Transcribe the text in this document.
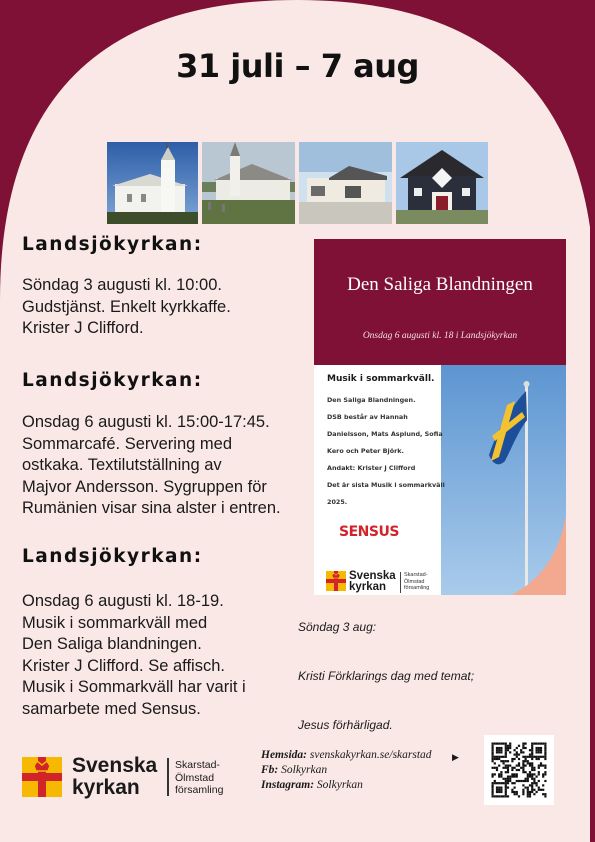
31 juli – 7 aug
Landsjökyrkan:
Söndag 3 augusti kl. 10:00.
Gudstjänst. Enkelt kyrkkaffe.
Krister J Clifford.
Landsjökyrkan:
Onsdag 6 augusti kl. 15:00-17:45.
Sommarcafé. Servering med
ostkaka. Textilutställning av
Majvor Andersson. Sygruppen för
Rumänien visar sina alster i entren.
Landsjökyrkan:
Onsdag 6 augusti kl. 18-19.
Musik i sommarkväll med
Den Saliga blandningen.
Krister J Clifford. Se affisch.
Musik i Sommarkväll har varit i
samarbete med Sensus.
Den Saliga Blandningen
Onsdag 6 augusti kl. 18 i Landsjökyrkan
Musik i sommarkväll.
Den Saliga Blandningen.
DSB består av Hannah
Danielsson, Mats Asplund, Sofia
Kero och Peter Björk.
Andakt: Krister J Clifford
Det är sista Musik i sommarkväll
2025.
SENSUS
Svenska
kyrkan
Skarstad-
Ölmstad
församling
Söndag 3 aug:
Kristi Förklarings dag med temat;
Jesus förhärligad.
Svenska
kyrkan
Skarstad-
Ölmstad
församling
Hemsida: svenskakyrkan.se/skarstad ▶
Fb: Solkyrkan
Instagram: Solkyrkan
